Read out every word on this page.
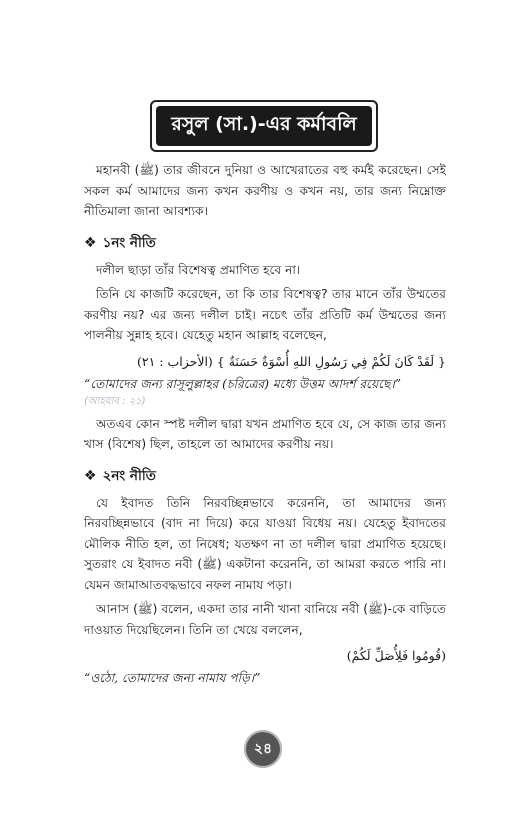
রসুল (সা.)-এর কর্মাবলি

মহানবী (ﷺ) তার জীবনে দুনিয়া ও আখেরাতের বহু কর্মই করেছেন। সেই সকল কর্ম আমাদের জন্য কখন করণীয় ও কখন নয়, তার জন্য নিম্নোক্ত নীতিমালা জানা আবশ্যক।

❖ ১নং নীতি

দলীল ছাড়া তাঁর বিশেষত্ব প্রমাণিত হবে না।

তিনি যে কাজটি করেছেন, তা কি তার বিশেষত্ব? তার মানে তাঁর উম্মতের করণীয় নয়? এর জন্য দলীল চাই। নচেৎ তাঁর প্রতিটি কর্ম উম্মতের জন্য পালনীয় সুন্নাহ হবে। যেহেতু মহান আল্লাহ বলেছেন,

{ لَقَدْ كَانَ لَكُمْ فِي رَسُولِ اللهِ أُسْوَةٌ حَسَنَةٌ } (الأحزاب : ٢١)
“তোমাদের জন্য রাসূলুল্লাহর (চরিত্রের) মধ্যে উত্তম আদর্শ রয়েছে।”
(আহযাব : ২১)

অতএব কোন স্পষ্ট দলীল দ্বারা যখন প্রমাণিত হবে যে, সে কাজ তার জন্য খাস (বিশেষ) ছিল, তাহলে তা আমাদের করণীয় নয়।

❖ ২নং নীতি

যে ইবাদত তিনি নিরবচ্ছিন্নভাবে করেননি, তা আমাদের জন্য নিরবচ্ছিন্নভাবে (বাদ না দিয়ে) করে যাওয়া বিধেয় নয়। যেহেতু ইবাদতের মৌলিক নীতি হল, তা নিষেধ; যতক্ষণ না তা দলীল দ্বারা প্রমাণিত হয়েছে। সুতরাং যে ইবাদত নবী (ﷺ) একটানা করেননি, তা আমরা করতে পারি না। যেমন জামাআতবদ্ধভাবে নফল নামায পড়া।

আনাস (ﷺ) বলেন, একদা তার নানী খানা বানিয়ে নবী (ﷺ)-কে বাড়িতে দাওয়াত দিয়েছিলেন। তিনি তা খেয়ে বললেন,

(قُومُوا فَلِأُصَلِّ لَكُمْ)
“ওঠো, তোমাদের জন্য নামায পড়ি।”
২৪
